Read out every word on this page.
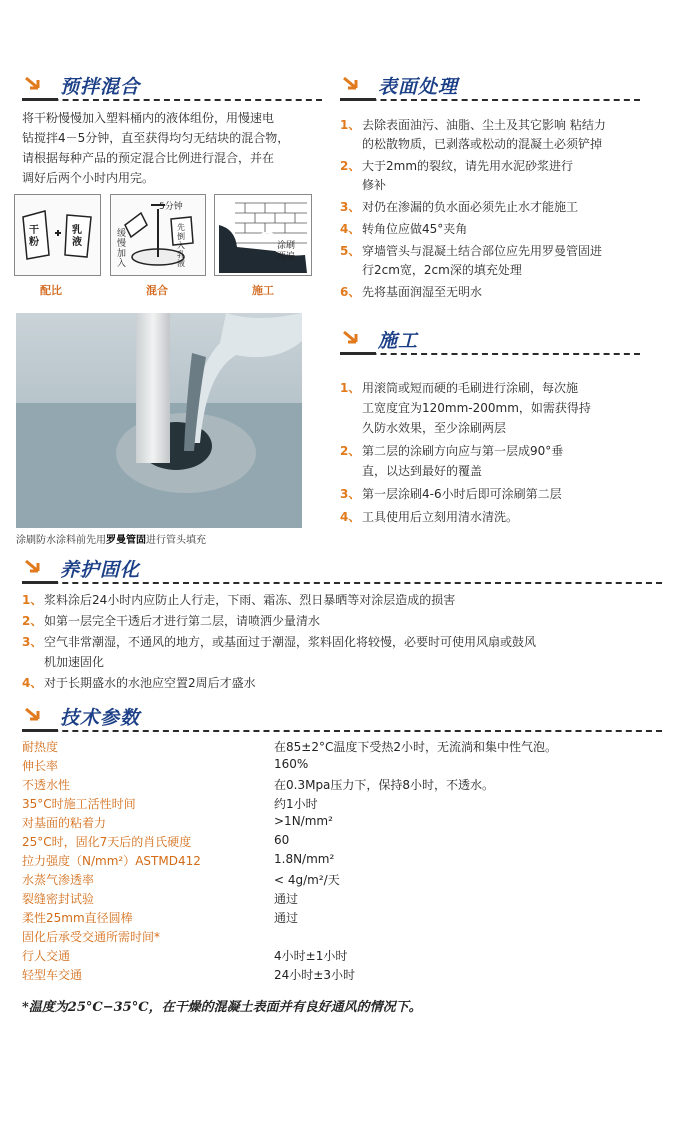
预拌混合
将干粉慢慢加入塑料桶内的液体组份，用慢速电
钻搅拌4－5分钟，直至获得均匀无结块的混合物，
请根据每种产品的预定混合比例进行混合，并在
调好后两个小时内用完。
干粉
乳液
配比
5分钟
缓慢加入
先倒入乳液
混合
涂刷两遍
施工
涂刷防水涂料前先用罗曼管固进行管头填充
表面处理
1、 去除表面油污、油脂、尘土及其它影响 粘结力
的松散物质，已剥落或松动的混凝土必须铲掉
2、 大于2mm的裂纹，请先用水泥砂浆进行
修补
3、 对仍在渗漏的负水面必须先止水才能施工
4、 转角位应做45°夹角
5、 穿墙管头与混凝土结合部位应先用罗曼管固进
行2cm宽，2cm深的填充处理
6、 先将基面润湿至无明水
施工
1、 用滚筒或短而硬的毛刷进行涂刷，每次施
工宽度宜为120mm-200mm，如需获得持
久防水效果，至少涂刷两层
2、 第二层的涂刷方向应与第一层成90°垂
直，以达到最好的覆盖
3、 第一层涂刷4-6小时后即可涂刷第二层
4、 工具使用后立刻用清水清洗。
养护固化
1、 浆料涂后24小时内应防止人行走，下雨、霜冻、烈日暴晒等对涂层造成的损害
2、 如第一层完全干透后才进行第二层，请喷洒少量清水
3、 空气非常潮湿，不通风的地方，或基面过于潮湿，浆料固化将较慢，必要时可使用风扇或鼓风
机加速固化
4、 对于长期盛水的水池应空置2周后才盛水
技术参数
耐热度	在85±2°C温度下受热2小时，无流淌和集中性气泡。
伸长率	160%
不透水性	在0.3Mpa压力下，保持8小时，不透水。
35°C时施工活性时间	约1小时
对基面的粘着力	>1N/mm²
25°C时，固化7天后的肖氏硬度	60
拉力强度（N/mm²）ASTMD412	1.8N/mm²
水蒸气渗透率	< 4g/m²/天
裂缝密封试验	通过
柔性25mm直径圆棒	通过
固化后承受交通所需时间*
行人交通	4小时±1小时
轻型车交通	24小时±3小时
*温度为25°C−35°C，在干燥的混凝土表面并有良好通风的情况下。
